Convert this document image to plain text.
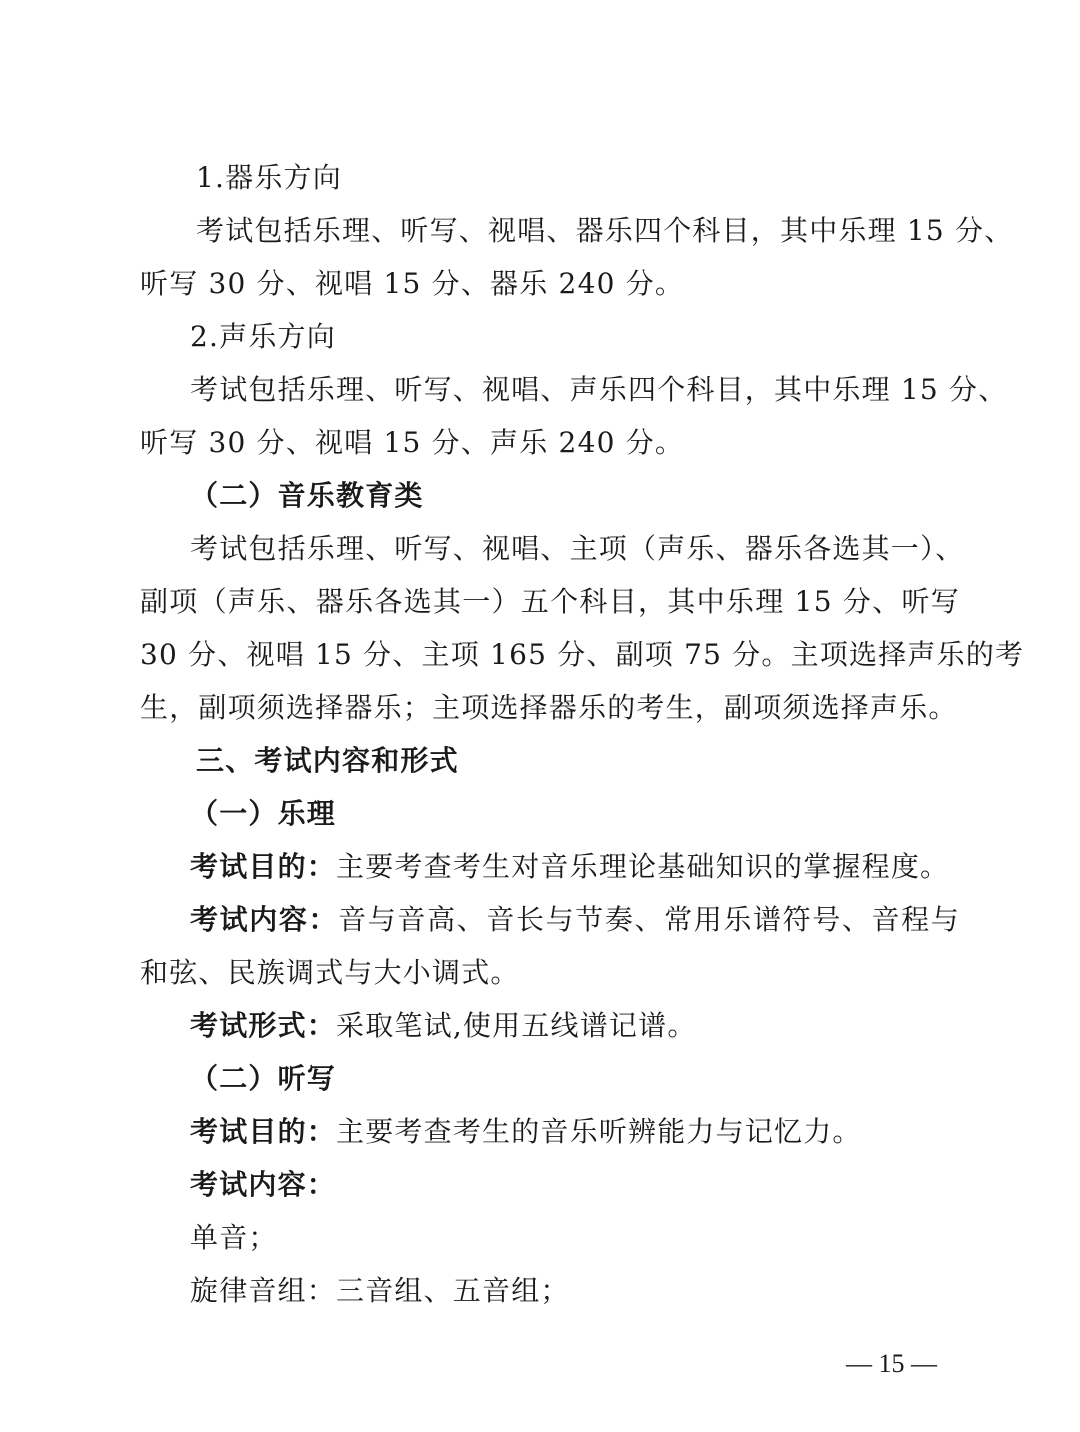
1.器乐方向
考试包括乐理、听写、视唱、器乐四个科目，其中乐理 15 分、
听写 30 分、视唱 15 分、器乐 240 分。
2.声乐方向
考试包括乐理、听写、视唱、声乐四个科目，其中乐理 15 分、
听写 30 分、视唱 15 分、声乐 240 分。
（二）音乐教育类
考试包括乐理、听写、视唱、主项（声乐、器乐各选其一）、
副项（声乐、器乐各选其一）五个科目，其中乐理 15 分、听写
30 分、视唱 15 分、主项 165 分、副项 75 分。主项选择声乐的考
生，副项须选择器乐；主项选择器乐的考生，副项须选择声乐。
三、考试内容和形式
（一）乐理
考试目的：主要考查考生对音乐理论基础知识的掌握程度。
考试内容：音与音高、音长与节奏、常用乐谱符号、音程与
和弦、民族调式与大小调式。
考试形式：采取笔试,使用五线谱记谱。
（二）听写
考试目的：主要考查考生的音乐听辨能力与记忆力。
考试内容：
单音；
旋律音组：三音组、五音组；
— 15 —
